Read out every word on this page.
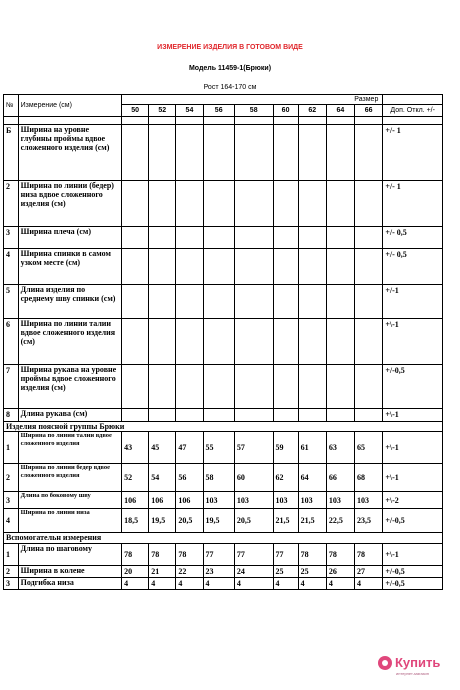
ИЗМЕРЕНИЕ ИЗДЕЛИЯ В ГОТОВОМ ВИДЕ
Модель 11459-1(Брюки)
Рост 164-170 см
№	Измерение (см)	Размер									
		50	52	54	56	58	60	62	64	66	Доп. Откл. +/-

Б	Ширина на уровне глубины проймы вдвое сложенного изделия (см)										+/- 1
2	Ширина по линии (бедер) низа вдвое сложенного изделия (см)										+/- 1
3	Ширина плеча (см)										+/- 0,5
4	Ширина спинки в самом узком месте (см)										+/- 0,5
5	Длина изделия по среднему шву спинки (см)										+/-1
6	Ширина по линии талии вдвое сложенного изделия (см)										+\-1
7	Ширина рукава на уровне проймы вдвое сложенного изделия (см)										+/-0,5
8	Длина рукава (см)										+\-1
Изделия поясной группы Брюки											
1	Ширина по линии талии вдвое сложенного изделия	43	45	47	55	57	59	61	63	65	+\-1
2	Ширина по линии бедер вдвое сложенного изделия	52	54	56	58	60	62	64	66	68	+\-1
3	Длина по боковому шву	106	106	106	103	103	103	103	103	103	+\-2
4	Ширина по линии низа	18,5	19,5	20,5	19,5	20,5	21,5	21,5	22,5	23,5	+/-0,5
Вспомогательн измерения											
1	Длина по шаговому	78	78	78	77	77	77	78	78	78	+\-1
2	Ширина в колене	20	21	22	23	24	25	25	26	27	+/-0,5
3	Подгибка низа	4	4	4	4	4	4	4	4	4	+/-0,5
Купить
интернет-магазин
